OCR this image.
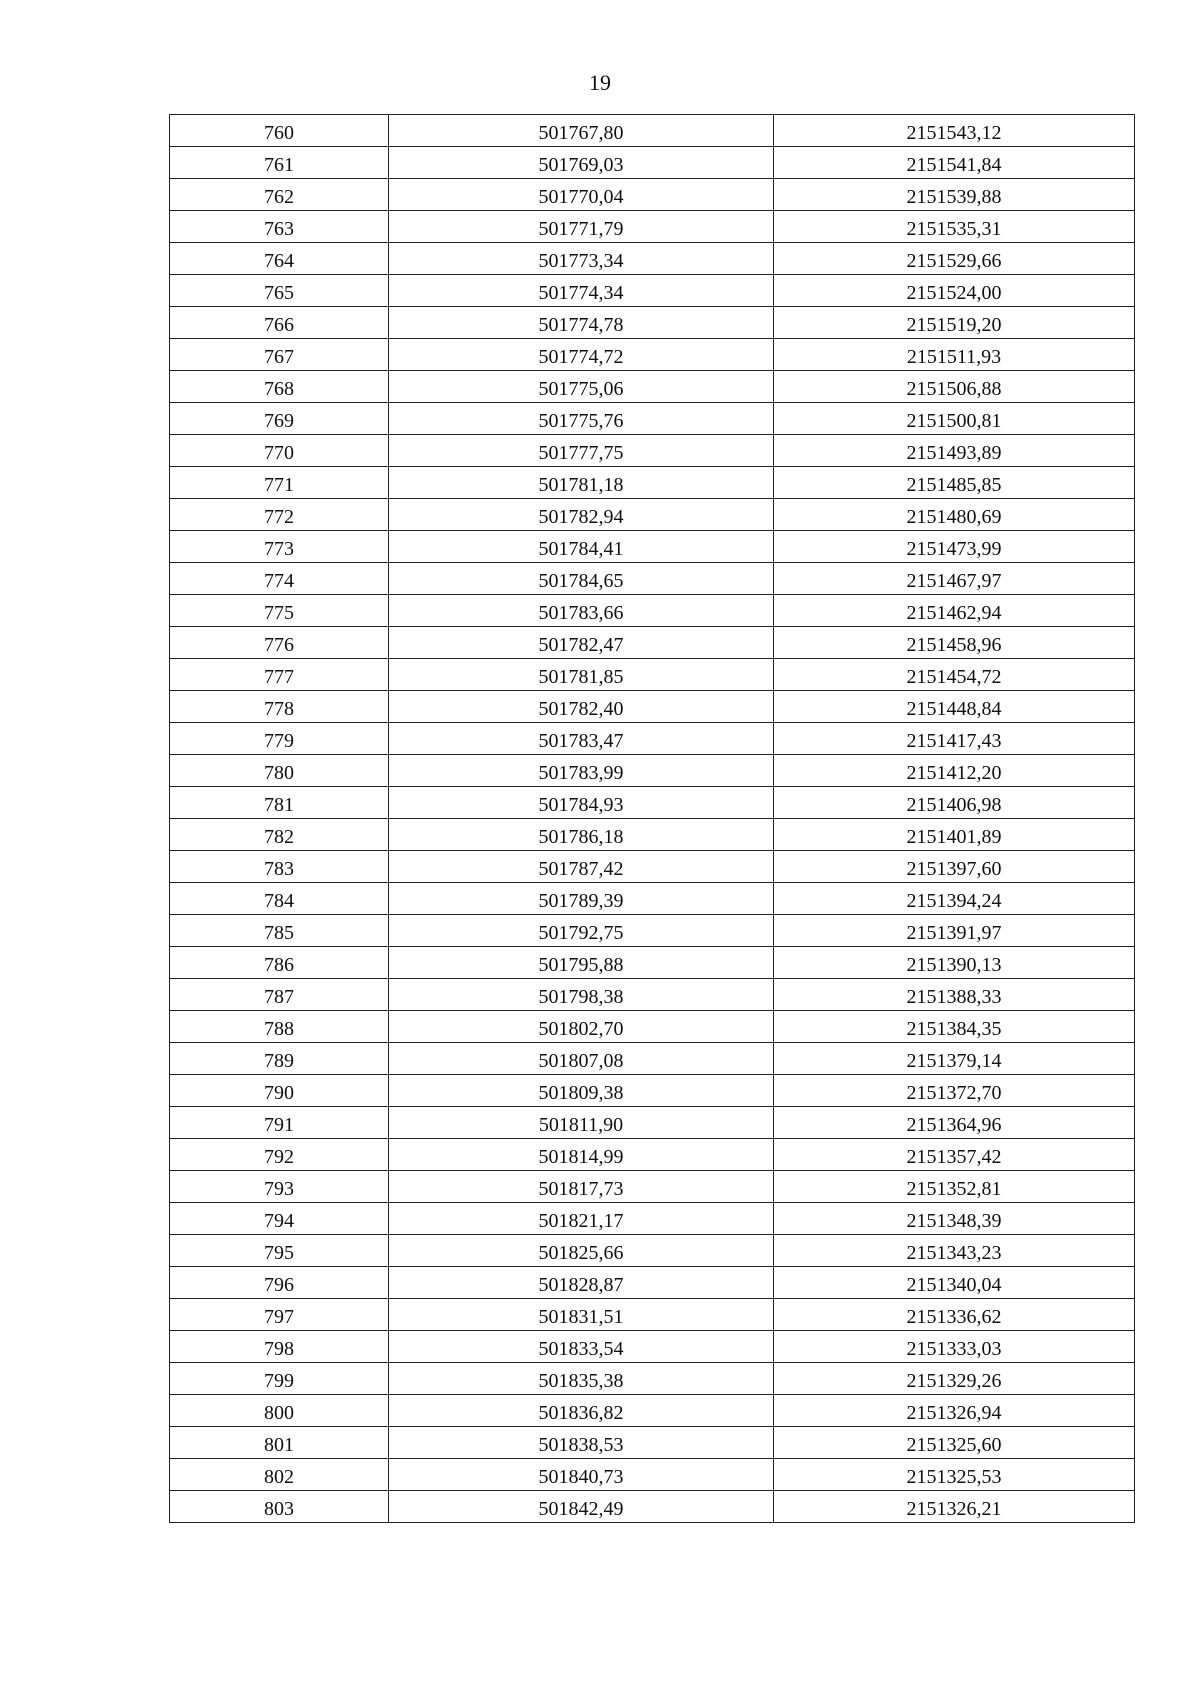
19
760	501767,80	2151543,12
761	501769,03	2151541,84
762	501770,04	2151539,88
763	501771,79	2151535,31
764	501773,34	2151529,66
765	501774,34	2151524,00
766	501774,78	2151519,20
767	501774,72	2151511,93
768	501775,06	2151506,88
769	501775,76	2151500,81
770	501777,75	2151493,89
771	501781,18	2151485,85
772	501782,94	2151480,69
773	501784,41	2151473,99
774	501784,65	2151467,97
775	501783,66	2151462,94
776	501782,47	2151458,96
777	501781,85	2151454,72
778	501782,40	2151448,84
779	501783,47	2151417,43
780	501783,99	2151412,20
781	501784,93	2151406,98
782	501786,18	2151401,89
783	501787,42	2151397,60
784	501789,39	2151394,24
785	501792,75	2151391,97
786	501795,88	2151390,13
787	501798,38	2151388,33
788	501802,70	2151384,35
789	501807,08	2151379,14
790	501809,38	2151372,70
791	501811,90	2151364,96
792	501814,99	2151357,42
793	501817,73	2151352,81
794	501821,17	2151348,39
795	501825,66	2151343,23
796	501828,87	2151340,04
797	501831,51	2151336,62
798	501833,54	2151333,03
799	501835,38	2151329,26
800	501836,82	2151326,94
801	501838,53	2151325,60
802	501840,73	2151325,53
803	501842,49	2151326,21
